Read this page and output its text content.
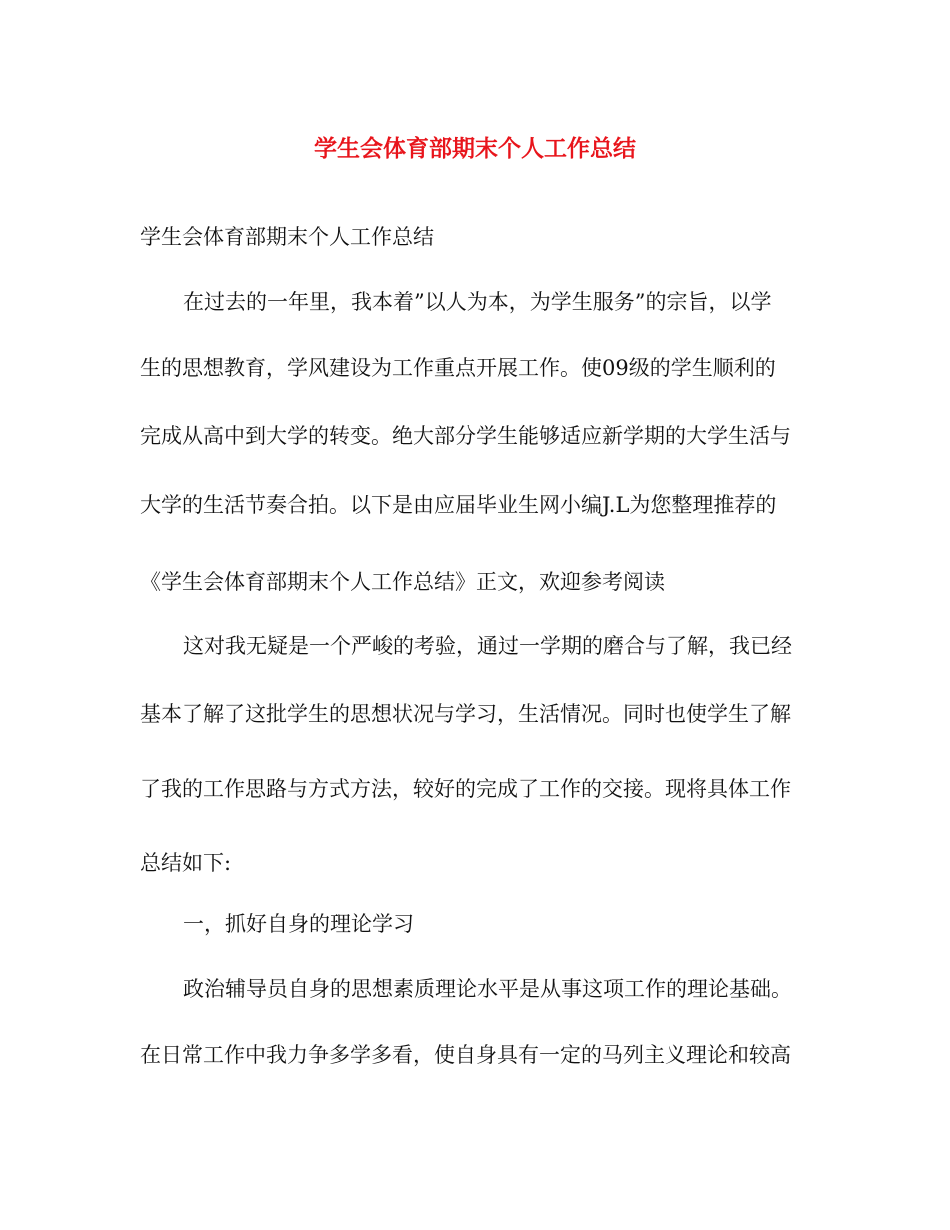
学生会体育部期末个人工作总结
学生会体育部期末个人工作总结
在过去的一年里，我本着”以人为本，为学生服务”的宗旨，以学
生的思想教育，学风建设为工作重点开展工作。使09级的学生顺利的
完成从高中到大学的转变。绝大部分学生能够适应新学期的大学生活与
大学的生活节奏合拍。以下是由应届毕业生网小编J.L为您整理推荐的
《学生会体育部期末个人工作总结》正文，欢迎参考阅读
这对我无疑是一个严峻的考验，通过一学期的磨合与了解，我已经
基本了解了这批学生的思想状况与学习，生活情况。同时也使学生了解
了我的工作思路与方式方法，较好的完成了工作的交接。现将具体工作
总结如下:
一，抓好自身的理论学习
政治辅导员自身的思想素质理论水平是从事这项工作的理论基础。
在日常工作中我力争多学多看，使自身具有一定的马列主义理论和较高
